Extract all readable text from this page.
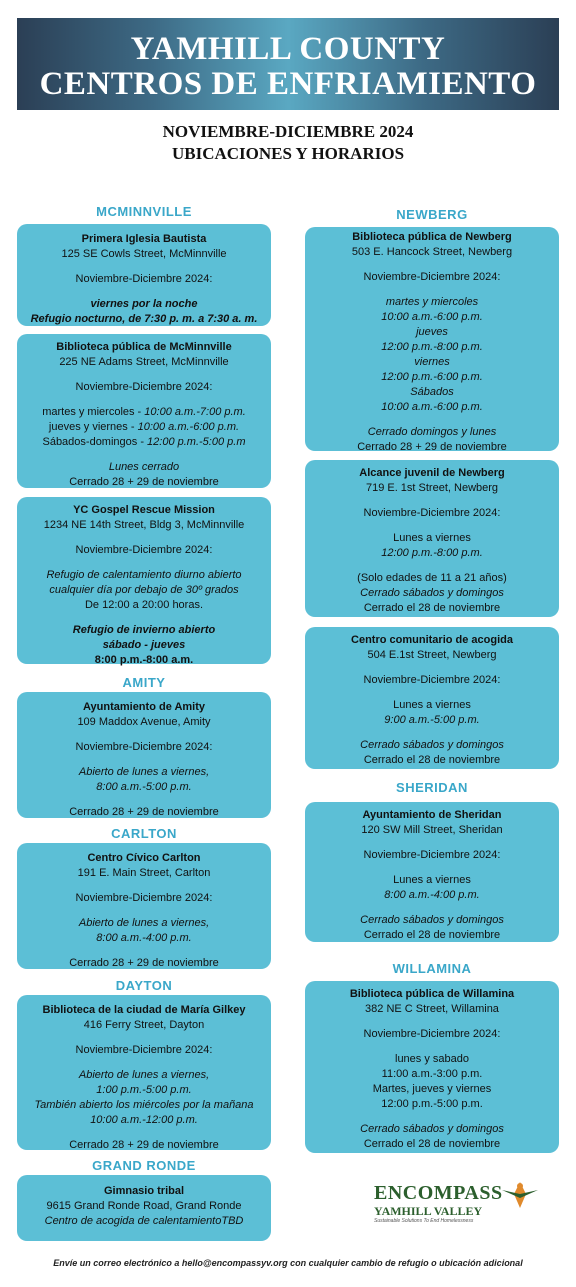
YAMHILL COUNTY
CENTROS DE ENFRIAMIENTO
NOVIEMBRE-DICIEMBRE 2024
UBICACIONES Y HORARIOS
MCMINNVILLE

Primera Iglesia Bautista

125 SE Cowls Street, McMinnville

Noviembre-Diciembre 2024:

viernes por la noche

Refugio nocturno, de 7:30 p. m. a 7:30 a. m.

Biblioteca pública de McMinnville

225 NE Adams Street, McMinnville

Noviembre-Diciembre 2024:

martes y miercoles - 10:00 a.m.-7:00 p.m.

jueves y viernes - 10:00 a.m.-6:00 p.m.

Sábados-domingos - 12:00 p.m.-5:00 p.m

Lunes cerrado

Cerrado 28 + 29 de noviembre

YC Gospel Rescue Mission

1234 NE 14th Street, Bldg 3, McMinnville

Noviembre-Diciembre 2024:

Refugio de calentamiento diurno abierto

cualquier día por debajo de 30º grados

De 12:00 a 20:00 horas.

Refugio de invierno abierto

sábado - jueves

8:00 p.m.-8:00 a.m.

AMITY

Ayuntamiento de Amity

109 Maddox Avenue, Amity

Noviembre-Diciembre 2024:

Abierto de lunes a viernes,

8:00 a.m.-5:00 p.m.

Cerrado 28 + 29 de noviembre

CARLTON

Centro Cívico Carlton

191 E. Main Street, Carlton

Noviembre-Diciembre 2024:

Abierto de lunes a viernes,

8:00 a.m.-4:00 p.m.

Cerrado 28 + 29 de noviembre

DAYTON

Biblioteca de la ciudad de María Gilkey

416 Ferry Street, Dayton

Noviembre-Diciembre 2024:

Abierto de lunes a viernes,

1:00 p.m.-5:00 p.m.

También abierto los miércoles por la mañana

10:00 a.m.-12:00 p.m.

Cerrado 28 + 29 de noviembre

GRAND RONDE

Gimnasio tribal

9615 Grand Ronde Road, Grand Ronde

Centro de acogida de calentamientoTBD

NEWBERG

Biblioteca pública de Newberg

503 E. Hancock Street, Newberg

Noviembre-Diciembre 2024:

martes y miercoles

10:00 a.m.-6:00 p.m.

jueves

12:00 p.m.-8:00 p.m.

viernes

12:00 p.m.-6:00 p.m.

Sábados

10:00 a.m.-6:00 p.m.

Cerrado domingos y lunes

Cerrado 28 + 29 de noviembre

Alcance juvenil de Newberg

719 E. 1st Street, Newberg

Noviembre-Diciembre 2024:

Lunes a viernes

12:00 p.m.-8:00 p.m.

(Solo edades de 11 a 21 años)

Cerrado sábados y domingos

Cerrado el 28 de noviembre

Centro comunitario de acogida

504 E.1st Street, Newberg

Noviembre-Diciembre 2024:

Lunes a viernes

9:00 a.m.-5:00 p.m.

Cerrado sábados y domingos

Cerrado el 28 de noviembre

SHERIDAN

Ayuntamiento de Sheridan

120 SW Mill Street, Sheridan

Noviembre-Diciembre 2024:

Lunes a viernes

8:00 a.m.-4:00 p.m.

Cerrado sábados y domingos

Cerrado el 28 de noviembre

WILLAMINA

Biblioteca pública de Willamina

382 NE C Street, Willamina

Noviembre-Diciembre 2024:

lunes y sabado

11:00 a.m.-3:00 p.m.

Martes, jueves y viernes

12:00 p.m.-5:00 p.m.

Cerrado sábados y domingos

Cerrado el 28 de noviembre

ENCOMPASS
YAMHILL VALLEY
Sustainable Solutions To End Homelessness
Envíe un correo electrónico a hello@encompassyv.org con cualquier cambio de refugio o ubicación adicional
